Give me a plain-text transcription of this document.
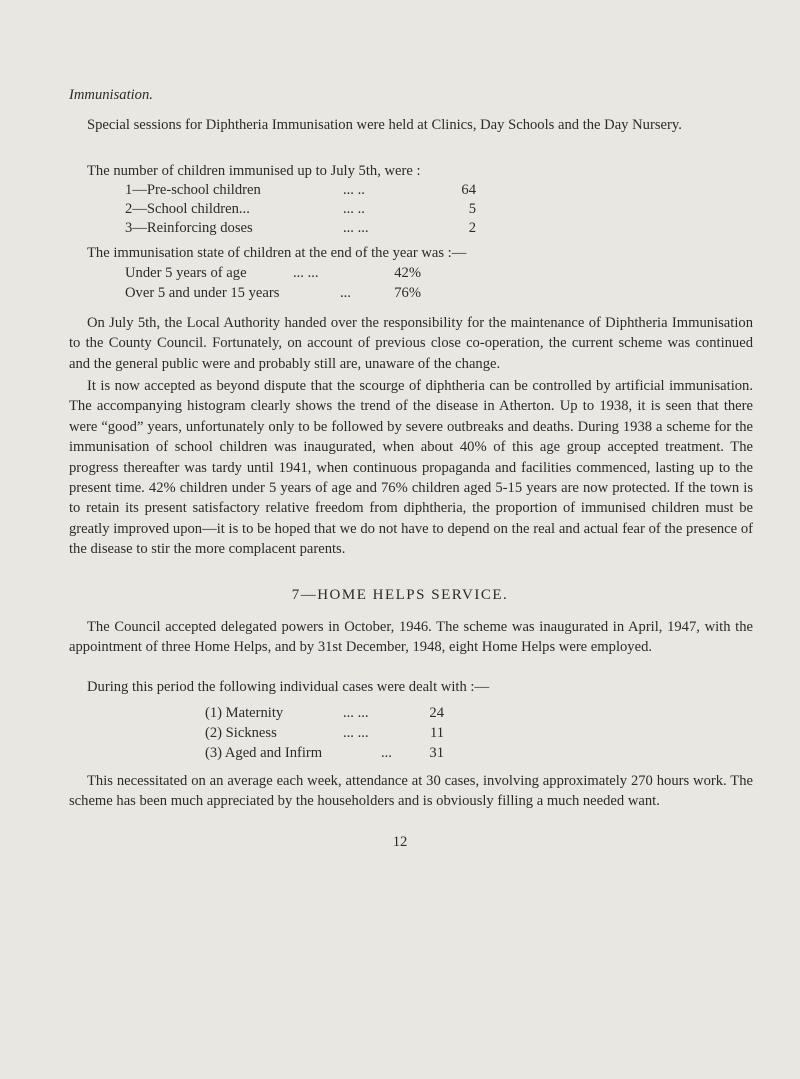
Immunisation.
Special sessions for Diphtheria Immunisation were held at Clinics, Day Schools and the Day Nursery.
The number of children immunised up to July 5th, were :
1—Pre-school children	... ..	64
2—School children...	... ..	5
3—Reinforcing doses	... ...	2
The immunisation state of children at the end of the year was :—
Under 5 years of age	... ...	42%
Over 5 and under 15 years	...	76%
On July 5th, the Local Authority handed over the responsibility for the maintenance of Diphtheria Immunisation to the County Council. Fortunately, on account of previous close co-operation, the current scheme was continued and the general public were and probably still are, unaware of the change.
It is now accepted as beyond dispute that the scourge of diphtheria can be controlled by artificial immunisation. The accompanying histogram clearly shows the trend of the disease in Atherton. Up to 1938, it is seen that there were “good” years, unfortunately only to be followed by severe outbreaks and deaths. During 1938 a scheme for the immunisation of school children was inaugurated, when about 40% of this age group accepted treatment. The progress thereafter was tardy until 1941, when continuous propaganda and facilities commenced, lasting up to the present time. 42% children under 5 years of age and 76% children aged 5-15 years are now protected. If the town is to retain its present satisfactory relative freedom from diphtheria, the proportion of immunised children must be greatly improved upon—it is to be hoped that we do not have to depend on the real and actual fear of the presence of the disease to stir the more complacent parents.
7—HOME HELPS SERVICE.
The Council accepted delegated powers in October, 1946. The scheme was inaugurated in April, 1947, with the appointment of three Home Helps, and by 31st December, 1948, eight Home Helps were employed.
During this period the following individual cases were dealt with :—
(1) Maternity	... ...	24
(2) Sickness	... ...	11
(3) Aged and Infirm	...	31
This necessitated on an average each week, attendance at 30 cases, involving approximately 270 hours work. The scheme has been much appreciated by the householders and is obviously filling a much needed want.
12
